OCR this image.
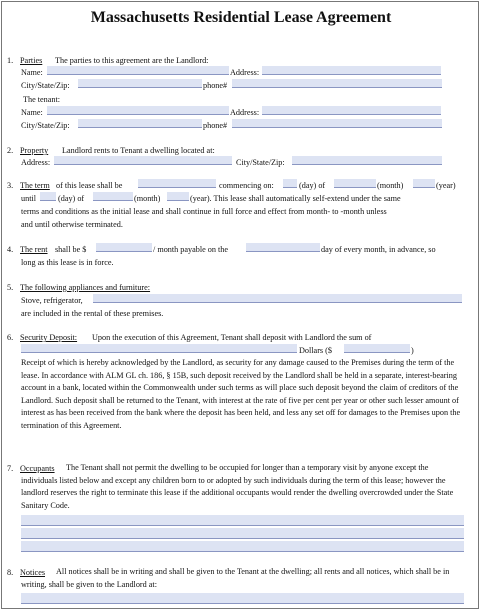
Massachusetts Residential Lease Agreement
1. Parties The parties to this agreement are the Landlord:
Name:	Address:
City/State/Zip:	phone#
The tenant:
Name:	Address:
City/State/Zip:	phone#
2. Property Landlord rents to Tenant a dwelling located at:
Address:	City/State/Zip:
3. The term of this lease shall be	commencing on:	(day) of	(month)	(year)
until	(day) of	(month)	(year). This lease shall automatically self-extend under the same
terms and conditions as the initial lease and shall continue in full force and effect from month- to -month unless
and until otherwise terminated.
4. The rent shall be $	/ month payable on the	day of every month, in advance, so
long as this lease is in force.
5. The following appliances and furniture:
Stove, refrigerator,
are included in the rental of these premises.
6. Security Deposit: Upon the execution of this Agreement, Tenant shall deposit with Landlord the sum of
Dollars ($	)
Receipt of which is hereby acknowledged by the Landlord, as security for any damage caused to the Premises during the term of the lease. In accordance with ALM GL ch. 186, § 15B, such deposit received by the Landlord shall be held in a separate, interest-bearing account in a bank, located within the Commonwealth under such terms as will place such deposit beyond the claim of creditors of the Landlord. Such deposit shall be returned to the Tenant, with interest at the rate of five per cent per year or other such lesser amount of interest as has been received from the bank where the deposit has been held, and less any set off for damages to the Premises upon the termination of this Agreement.
7. Occupants	The Tenant shall not permit the dwelling to be occupied for longer than a temporary visit by anyone except the individuals listed below and except any children born to or adopted by such individuals during the term of this lease; however the landlord reserves the right to terminate this lease if the additional occupants would render the dwelling overcrowded under the State Sanitary Code.
8. Notices	All notices shall be in writing and shall be given to the Tenant at the dwelling; all rents and all notices, which shall be in writing, shall be given to the Landlord at:
